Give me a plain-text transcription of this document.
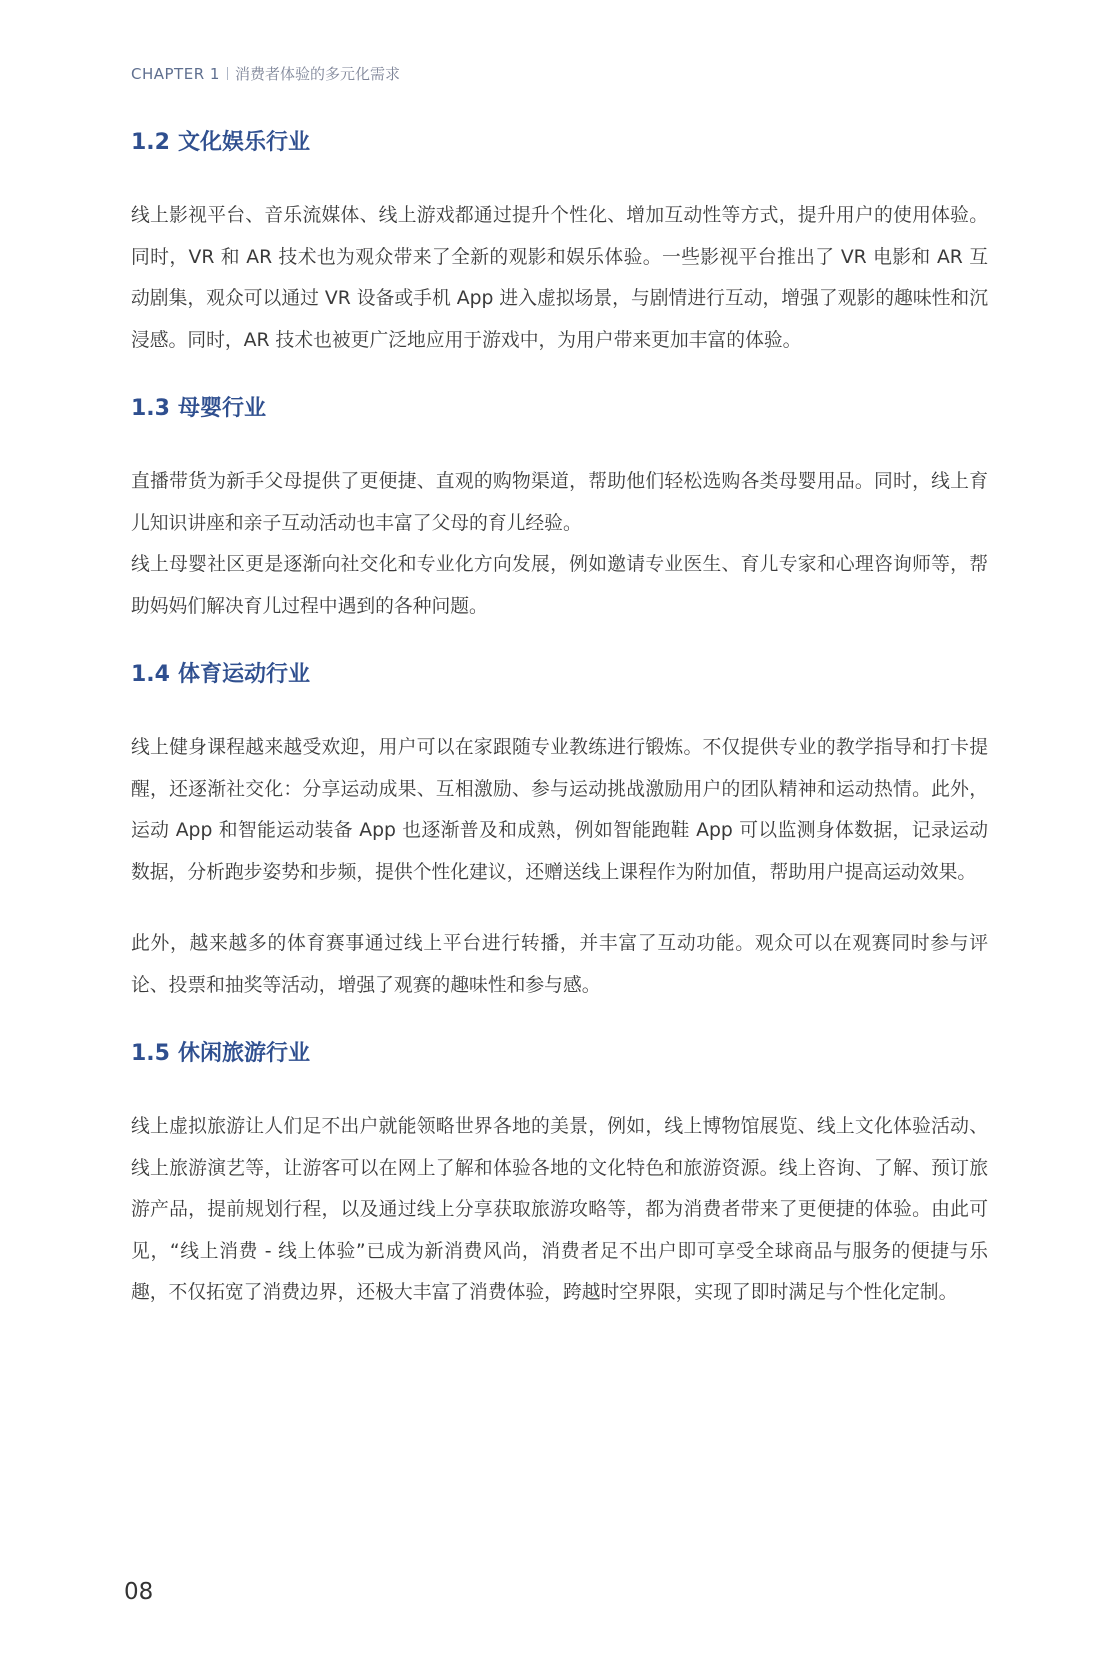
CHAPTER 1 消费者体验的多元化需求
1.2 文化娱乐行业

线上影视平台、音乐流媒体、线上游戏都通过提升个性化、增加互动性等方式，提升用户的使用体验。同时，VR 和 AR 技术也为观众带来了全新的观影和娱乐体验。一些影视平台推出了 VR 电影和 AR 互动剧集，观众可以通过 VR 设备或手机 App 进入虚拟场景，与剧情进行互动，增强了观影的趣味性和沉浸感。同时，AR 技术也被更广泛地应用于游戏中，为用户带来更加丰富的体验。

1.3 母婴行业

直播带货为新手父母提供了更便捷、直观的购物渠道，帮助他们轻松选购各类母婴用品。同时，线上育儿知识讲座和亲子互动活动也丰富了父母的育儿经验。

线上母婴社区更是逐渐向社交化和专业化方向发展，例如邀请专业医生、育儿专家和心理咨询师等，帮助妈妈们解决育儿过程中遇到的各种问题。

1.4 体育运动行业

线上健身课程越来越受欢迎，用户可以在家跟随专业教练进行锻炼。不仅提供专业的教学指导和打卡提醒，还逐渐社交化：分享运动成果、互相激励、参与运动挑战激励用户的团队精神和运动热情。此外，运动 App 和智能运动装备 App 也逐渐普及和成熟，例如智能跑鞋 App 可以监测身体数据，记录运动数据，分析跑步姿势和步频，提供个性化建议，还赠送线上课程作为附加值，帮助用户提高运动效果。

此外，越来越多的体育赛事通过线上平台进行转播，并丰富了互动功能。观众可以在观赛同时参与评论、投票和抽奖等活动，增强了观赛的趣味性和参与感。

1.5 休闲旅游行业

线上虚拟旅游让人们足不出户就能领略世界各地的美景，例如，线上博物馆展览、线上文化体验活动、线上旅游演艺等，让游客可以在网上了解和体验各地的文化特色和旅游资源。线上咨询、了解、预订旅游产品，提前规划行程，以及通过线上分享获取旅游攻略等，都为消费者带来了更便捷的体验。由此可见，“线上消费 - 线上体验”已成为新消费风尚，消费者足不出户即可享受全球商品与服务的便捷与乐趣，不仅拓宽了消费边界，还极大丰富了消费体验，跨越时空界限，实现了即时满足与个性化定制。

08
